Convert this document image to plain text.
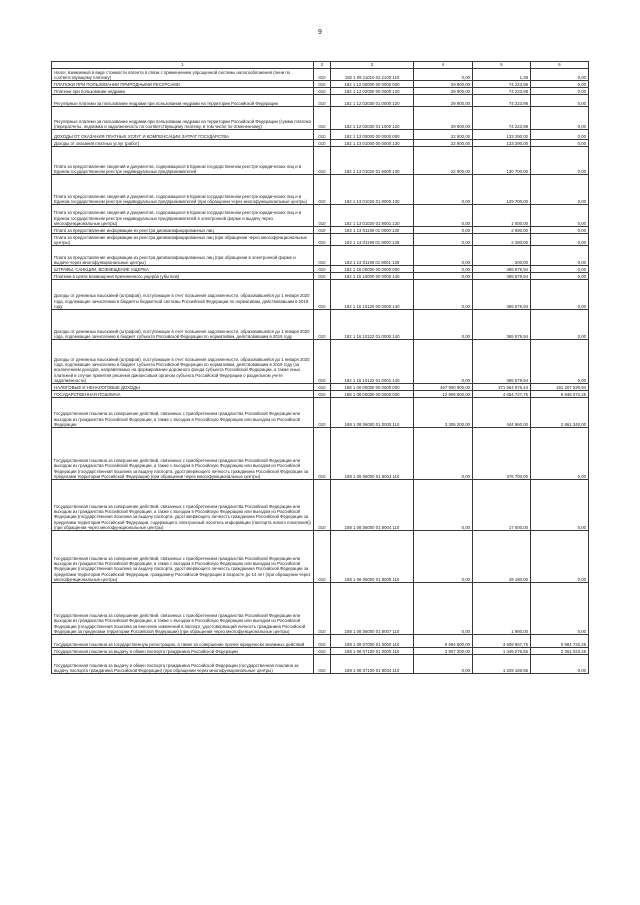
9
1	2	3	4	5	6
Налог, взимаемый в виде стоимости патента в связи с применением упрощенной системы налогообложения (пени по соответствующему платежу)	010	182 1 09 11010 02 2100 110	0,00	1,38	0,00
ПЛАТЕЖИ ПРИ ПОЛЬЗОВАНИИ ПРИРОДНЫМИ РЕСУРСАМИ	010	182 1 12 00000 00 0000 000	29 900,00	74 223,98	0,00
Платежи при пользовании недрами	010	182 1 12 02000 00 0000 120	29 900,00	74 223,98	0,00
Регулярные платежи за пользование недрами при пользовании недрами на территории Российской Федерации	010	182 1 12 02030 01 0000 120	29 900,00	74 223,98	0,00
Регулярные платежи за пользование недрами при пользовании недрами на территории Российской Федерации (сумма платежа (перерасчеты, недоимка и задолженность по соответствующему платежу, в том числе по отмененному)	010	182 1 12 02030 01 1000 120	29 900,00	74 223,98	0,00
ДОХОДЫ ОТ ОКАЗАНИЯ ПЛАТНЫХ УСЛУГ И КОМПЕНСАЦИИ ЗАТРАТ ГОСУДАРСТВА	010	182 1 13 00000 00 0000 000	22 900,00	133 290,00	0,00
Доходы от оказания платных услуг (работ)	010	182 1 13 01000 00 0000 130	22 900,00	133 290,00	0,00
Плата за предоставление сведений и документов, содержащихся в Едином государственном реестре юридических лиц и в Едином государственном реестре индивидуальных предпринимателей	010	182 1 13 01020 01 6000 130	22 900,00	130 700,00	0,00
Плата за предоставление сведений и документов, содержащихся в Едином государственном реестре юридических лиц и в Едином государственном реестре индивидуальных предпринимателей (при обращении через многофункциональные центры)	010	182 1 13 01020 01 8000 130	0,00	129 700,00	0,00
Плата за предоставление сведений и документов, содержащихся в Едином государственном реестре юридических лиц и в Едином государственном реестре индивидуальных предпринимателей в электронной форме и выдачу через многофункциональные центры)	010	182 1 13 01020 01 8001 130	0,00	1 000,00	0,00
Плата за предоставление информации из реестра дисквалифицированных лиц	010	182 1 13 01190 01 0000 130	0,00	2 590,00	0,00
Плата за предоставление информации из реестра дисквалифицированных лиц (при обращении через многофункциональные центры)	010	182 1 13 01190 01 8000 130	0,00	2 390,00	0,00
Плата за предоставление информации из реестра дисквалифицированных лиц (при обращении в электронной форме и выдаче через многофункциональные центры)	010	182 1 13 01190 01 8001 130	0,00	200,00	0,00
ШТРАФЫ, САНКЦИИ, ВОЗМЕЩЕНИЕ УЩЕРБА	010	182 1 16 00000 00 0000 000	0,00	365 579,94	0,00
Платежи в целях возмещения причиненного ущерба (убытков)	010	182 1 16 10000 00 0000 140	0,00	365 579,94	0,00
Доходы от денежных взысканий (штрафов), поступающие в счет погашения задолженности, образовавшейся до 1 января 2020 года, подлежащие зачислению в бюджеты бюджетной системы Российской Федерации по нормативам, действовавшим в 2019 году	010	182 1 16 10120 00 0000 140	0,00	365 579,94	0,00
Доходы от денежных взысканий (штрафов), поступающие в счет погашения задолженности, образовавшейся до 1 января 2020 года, подлежащие зачислению в бюджет субъекта Российской Федерации по нормативам, действовавшим в 2019 году	010	182 1 16 10122 01 0000 140	0,00	365 579,94	0,00
Доходы от денежных взысканий (штрафов), поступающие в счет погашения задолженности, образовавшейся до 1 января 2020 года, подлежащие зачислению в бюджет субъекта Российской Федерации по нормативам, действовавшим в 2019 году (за исключением доходов, направляемых на формирование дорожного фонда субъекта Российской Федерации, а также иных платежей в случае принятия решения финансовым органом субъекта Российской Федерации о раздельном учете задолженности)	010	182 1 16 10122 01 0001 140	0,00	365 579,94	0,00
НАЛОГОВЫЕ И НЕНАЛОГОВЫЕ ДОХОДЫ	010	188 1 00 00000 00 0000 000	467 900 900,00	371 564 976,44	191 207 530,94
ГОСУДАРСТВЕННАЯ ПОШЛИНА	010	188 1 08 00000 00 0000 000	12 906 800,00	4 054 727,75	8 846 072,25
Государственная пошлина за совершение действий, связанных с приобретением гражданства Российской Федерации или выходом из гражданства Российской Федерации, а также с въездом в Российскую Федерацию или выездом из Российской Федерации	010	188 1 08 06000 01 0000 110	3 306 200,00	444 860,00	2 861 340,00
Государственная пошлина за совершение действий, связанных с приобретением гражданства Российской Федерации или выходом из гражданства Российской Федерации, а также с въездом в Российскую Федерацию или выездом из Российской Федерации (государственная пошлина за выдачу паспорта, удостоверяющего личность гражданина Российской Федерации за пределами территории Российской Федерации) (при обращении через многофункциональные центры)	010	188 1 08 06000 01 8003 110	0,00	376 700,00	0,00
Государственная пошлина за совершение действий, связанных с приобретением гражданства Российской Федерации или выходом из гражданства Российской Федерации, а также с въездом в Российскую Федерацию или выездом из Российской Федерации (государственная пошлина за выдачу паспорта, удостоверяющего личность гражданина Российской Федерации за пределами территории Российской Федерации, содержащего электронный носитель информации (паспорта нового поколения)) (при обращении через многофункциональные центры)	010	188 1 08 06000 01 8004 110	0,00	17 000,00	0,00
Государственная пошлина за совершение действий, связанных с приобретением гражданства Российской Федерации или выходом из гражданства Российской Федерации, а также с въездом в Российскую Федерацию или выездом из Российской Федерации (государственная пошлина за выдачу паспорта, удостоверяющего личность гражданина Российской Федерации за пределами территории Российской Федерации, гражданину Российской Федерации в возрасте до 14 лет (при обращении через многофункциональные центры)	010	188 1 08 06000 01 8005 110	0,00	49 180,00	0,00
Государственная пошлина за совершение действий, связанных с приобретением гражданства Российской Федерации или выходом из гражданства Российской Федерации, а также с въездом в Российскую Федерацию или выездом из Российской Федерации (государственная пошлина за внесение изменений в паспорт, удостоверяющий личность гражданина Российской Федерации за пределами территории Российской Федерации) (при обращении через многофункциональные центры)	010	188 1 08 06000 01 8007 110	0,00	1 980,00	0,00
Государственная пошлина за государственную регистрацию, а также за совершение прочих юридически значимых действий	010	188 1 08 07000 01 0000 110	9 594 600,00	3 609 867,75	5 984 732,25
Государственная пошлина за выдачу и обмен паспорта гражданина Российской Федерации	010	188 1 08 07100 01 0000 110	3 807 300,00	1 446 276,55	2 361 023,45
Государственная пошлина за выдачу и обмен паспорта гражданина Российской Федерации (государственная пошлина за выдачу паспорта гражданина Российской Федерации) (при обращении через многофункциональные центры)	010	188 1 08 07100 01 8034 110	0,00	1 229 166,55	0,00
